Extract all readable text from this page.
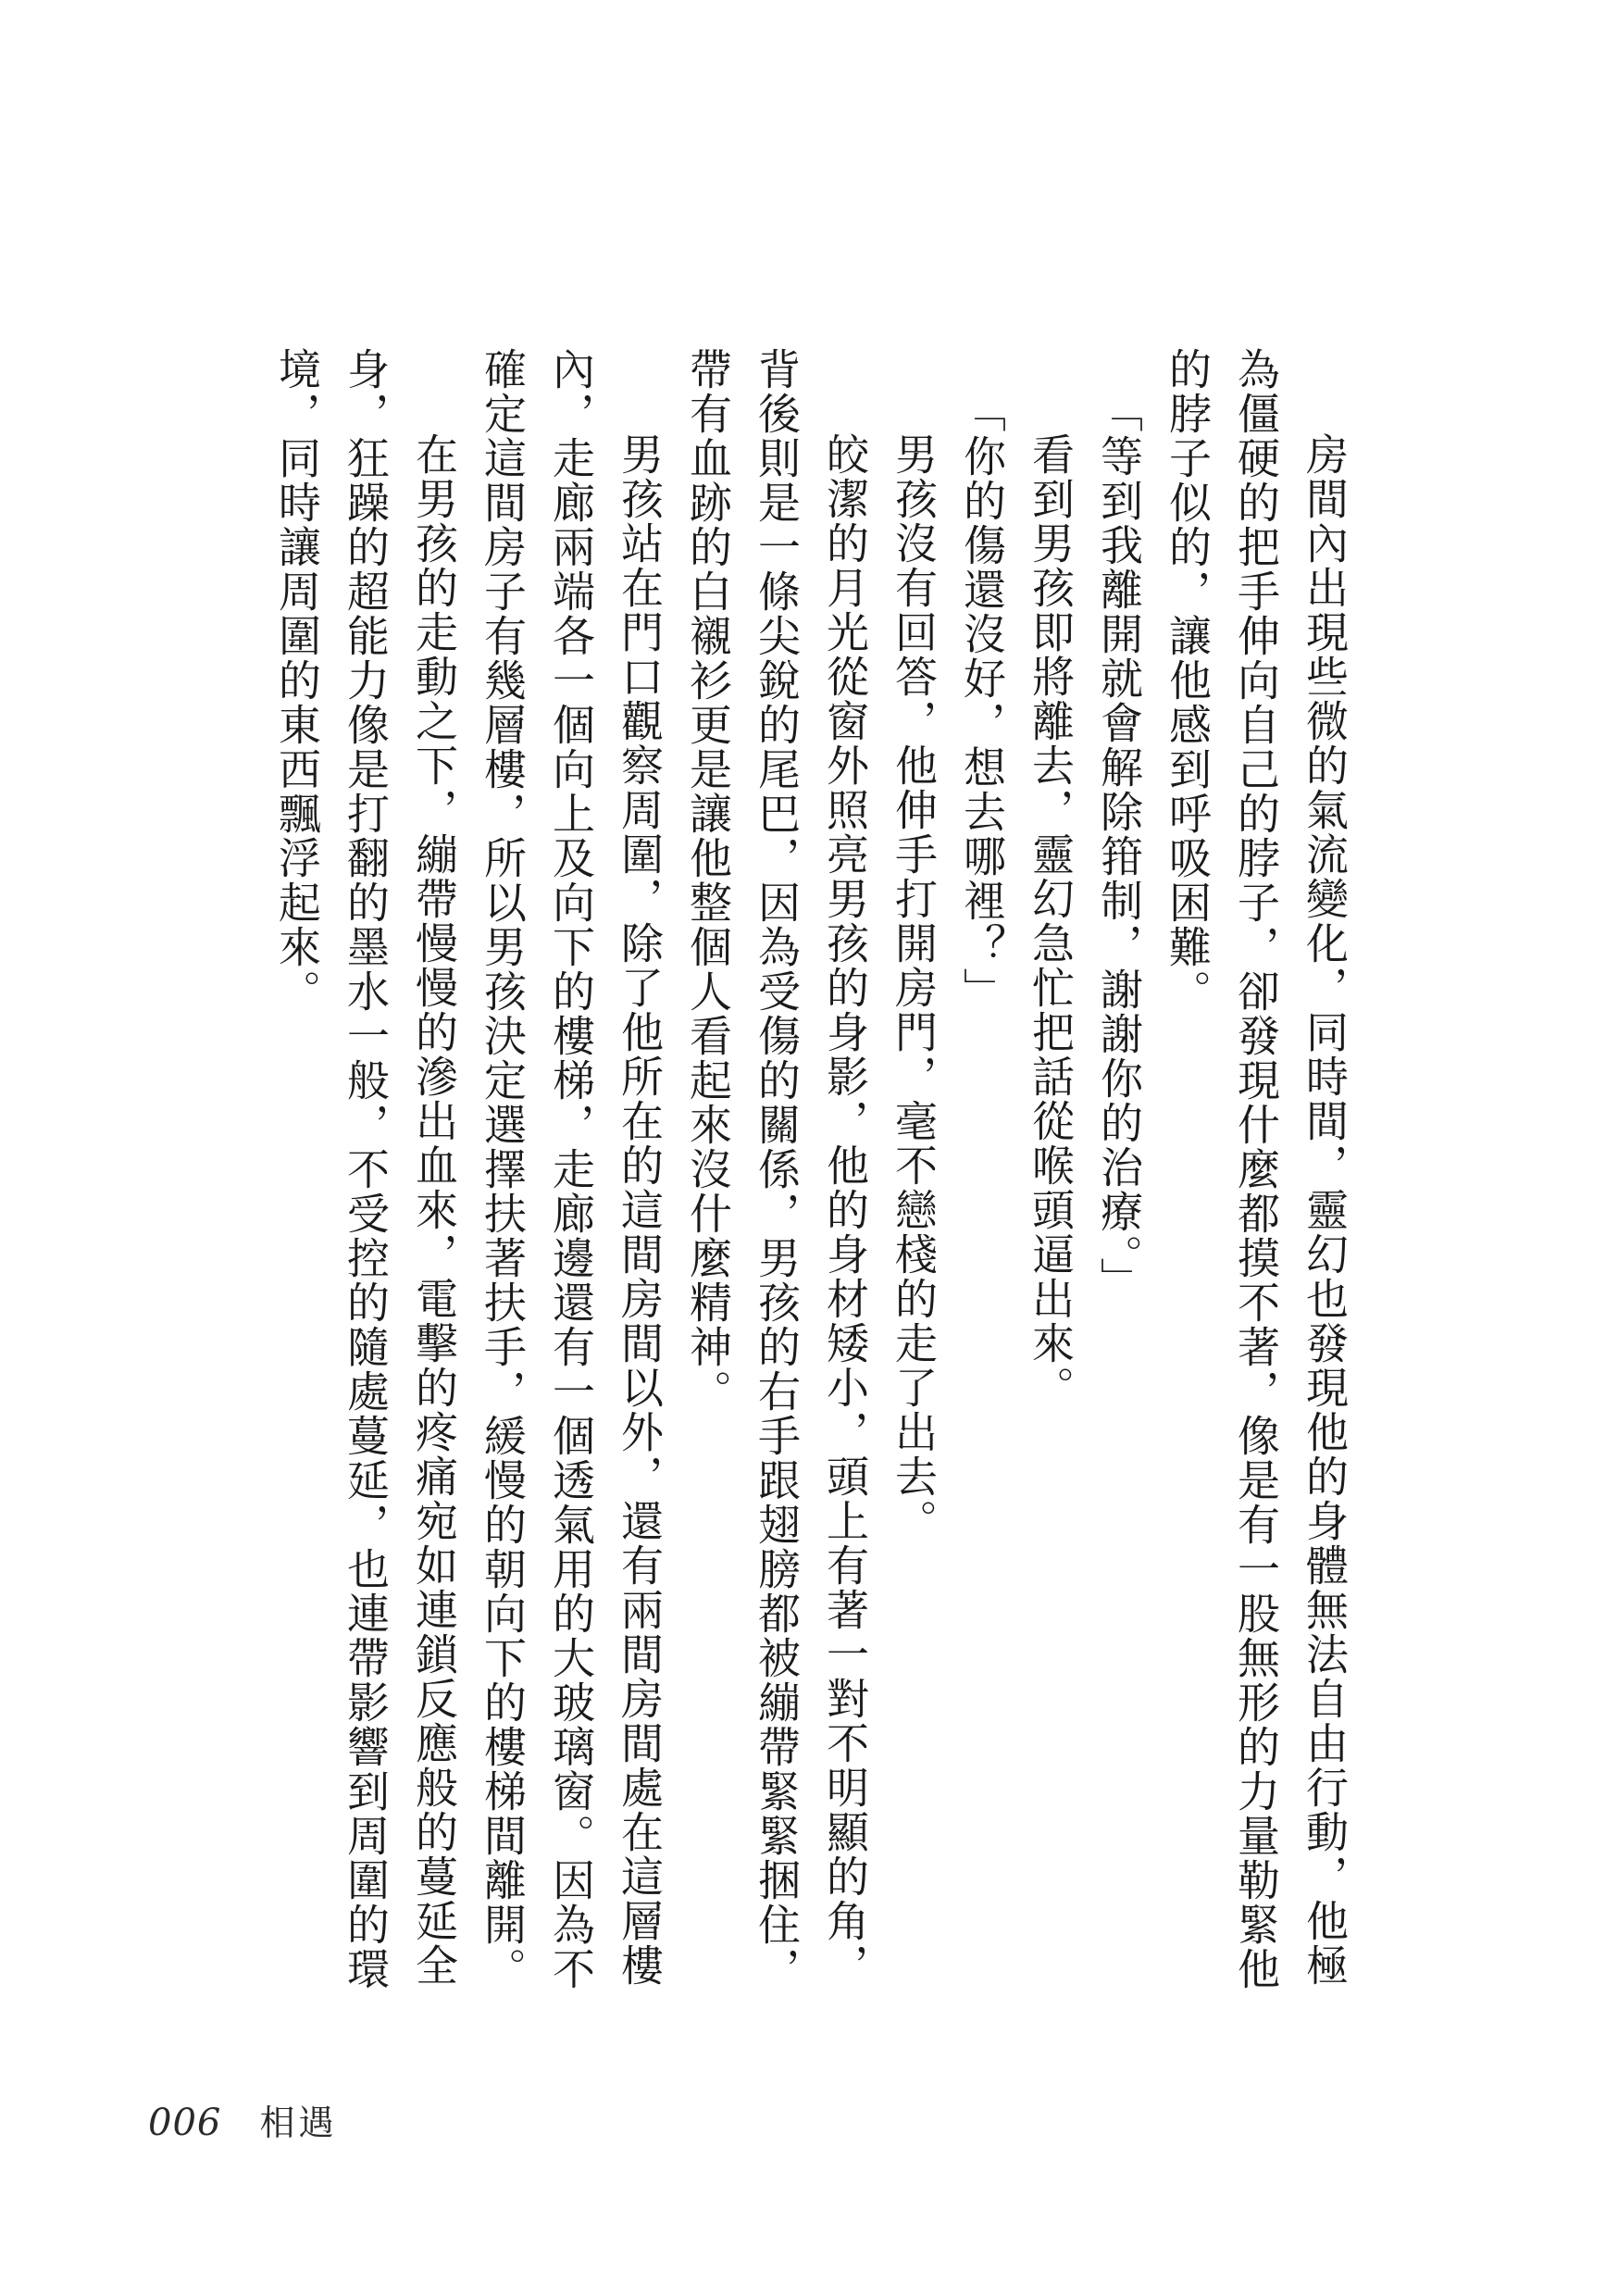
房間內出現些微的氣流變化，同時間，靈幻也發現他的身體無法自由行動，他極為僵硬的把手伸向自己的脖子，卻發現什麼都摸不著，像是有一股無形的力量勒緊他的脖子似的，讓他感到呼吸困難。

「等到我離開就會解除箝制，謝謝你的治療。」

看到男孩即將離去，靈幻急忙把話從喉頭逼出來。

「你的傷還沒好，想去哪裡？」

男孩沒有回答，他伸手打開房門，毫不戀棧的走了出去。

皎潔的月光從窗外照亮男孩的身影，他的身材矮小，頭上有著一對不明顯的角，背後則是一條尖銳的尾巴，因為受傷的關係，男孩的右手跟翅膀都被繃帶緊緊捆住，帶有血跡的白襯衫更是讓他整個人看起來沒什麼精神。

男孩站在門口觀察周圍，除了他所在的這間房間以外，還有兩間房間處在這層樓內，走廊兩端各一個向上及向下的樓梯，走廊邊還有一個透氣用的大玻璃窗。因為不確定這間房子有幾層樓，所以男孩決定選擇扶著扶手，緩慢的朝向下的樓梯間離開。

在男孩的走動之下，繃帶慢慢的滲出血來，電擊的疼痛宛如連鎖反應般的蔓延全身，狂躁的超能力像是打翻的墨水一般，不受控的隨處蔓延，也連帶影響到周圍的環境，同時讓周圍的東西飄浮起來。

006 相遇
